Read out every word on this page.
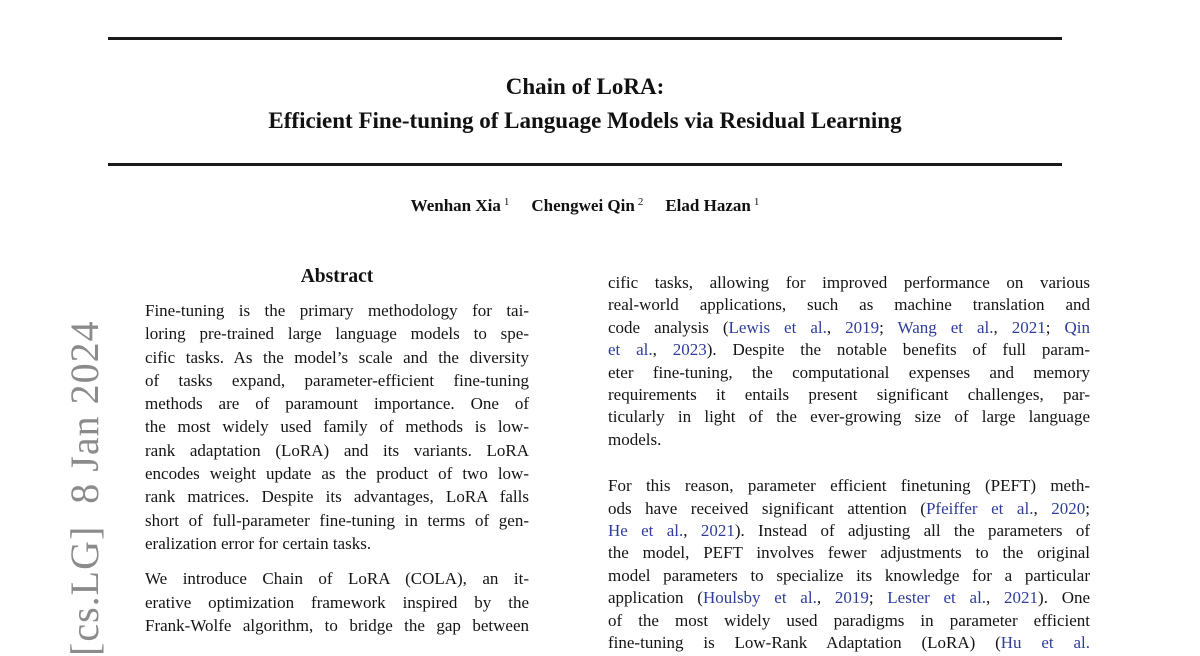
[cs.LG]  8 Jan 2024
Chain of LoRA:
Efficient Fine-tuning of Language Models via Residual Learning
Wenhan Xia $^1$ Chengwei Qin $^2$ Elad Hazan $^1$
Abstract
Fine-tuning is the primary methodology for tai-
loring pre-trained large language models to spe-
cific tasks. As the model’s scale and the diversity
of tasks expand, parameter-efficient fine-tuning
methods are of paramount importance. One of
the most widely used family of methods is low-
rank adaptation (LoRA) and its variants. LoRA
encodes weight update as the product of two low-
rank matrices. Despite its advantages, LoRA falls
short of full-parameter fine-tuning in terms of gen-
eralization error for certain tasks.
We introduce Chain of LoRA (COLA), an it-
erative optimization framework inspired by the
Frank-Wolfe algorithm, to bridge the gap between
cific tasks, allowing for improved performance on various
real-world applications, such as machine translation and
code analysis (Lewis et al., 2019; Wang et al., 2021; Qin
et al., 2023). Despite the notable benefits of full param-
eter fine-tuning, the computational expenses and memory
requirements it entails present significant challenges, par-
ticularly in light of the ever-growing size of large language
models.
For this reason, parameter efficient finetuning (PEFT) meth-
ods have received significant attention (Pfeiffer et al., 2020;
He et al., 2021). Instead of adjusting all the parameters of
the model, PEFT involves fewer adjustments to the original
model parameters to specialize its knowledge for a particular
application (Houlsby et al., 2019; Lester et al., 2021). One
of the most widely used paradigms in parameter efficient
fine-tuning is Low-Rank Adaptation (LoRA) (Hu et al.
